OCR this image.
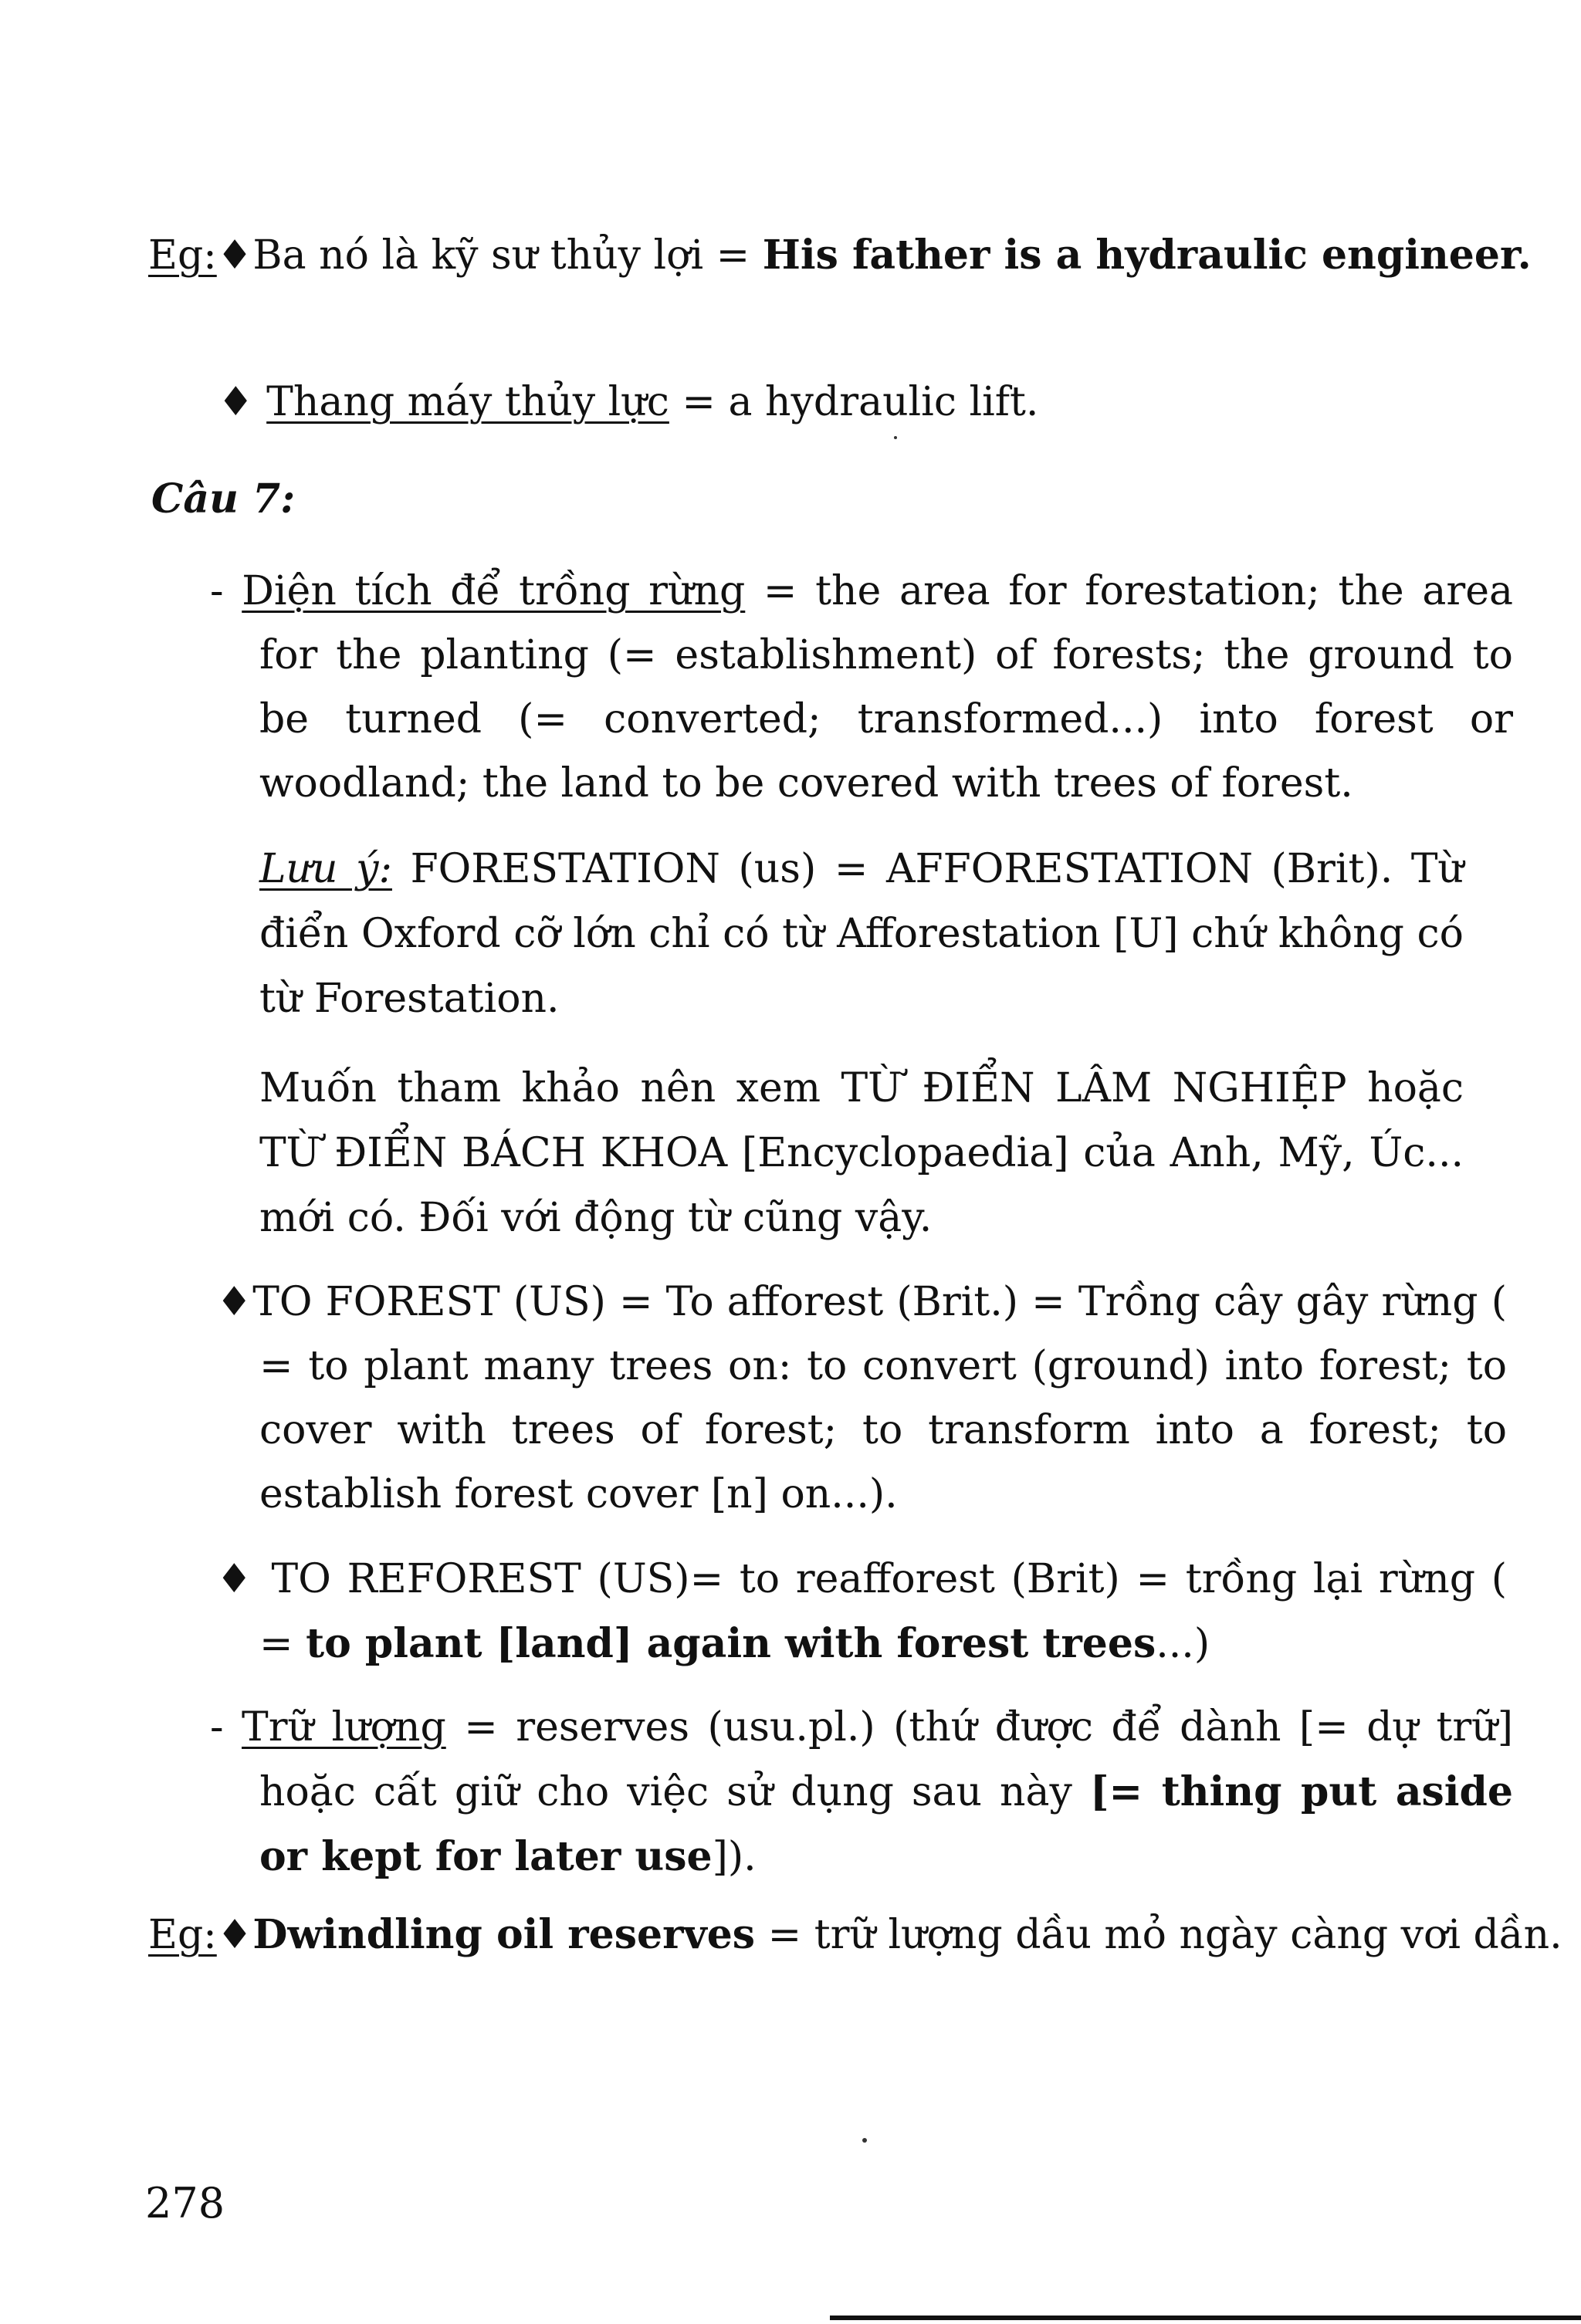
Eg:♦Ba nó là kỹ sư thủy lợi = His father is a hydraulic engineer.

♦ Thang máy thủy lực = a hydraulic lift.

Câu 7:

- Diện tích để trồng rừng = the area for forestation; the area for the planting (= establishment) of forests; the ground to be turned (= converted; transformed...) into forest or woodland; the land to be covered with trees of forest.

Lưu ý: FORESTATION (us) = AFFORESTATION (Brit). Từ điển Oxford cỡ lớn chỉ có từ Afforestation [U] chứ không có từ Forestation.

Muốn tham khảo nên xem TỪ ĐIỂN LÂM NGHIỆP hoặc TỪ ĐIỂN BÁCH KHOA [Encyclopaedia] của Anh, Mỹ, Úc... mới có. Đối với động từ cũng vậy.

♦TO FOREST (US) = To afforest (Brit.) = Trồng cây gây rừng ( = to plant many trees on: to convert (ground) into forest; to cover with trees of forest; to transform into a forest; to establish forest cover [n] on...).

♦ TO REFOREST (US)= to reafforest (Brit) = trồng lại rừng ( = to plant [land] again with forest trees...)

- Trữ lượng = reserves (usu.pl.) (thứ được để dành [= dự trữ] hoặc cất giữ cho việc sử dụng sau này [= thing put aside or kept for later use]).

Eg:♦Dwindling oil reserves = trữ lượng dầu mỏ ngày càng vơi dần.

278
